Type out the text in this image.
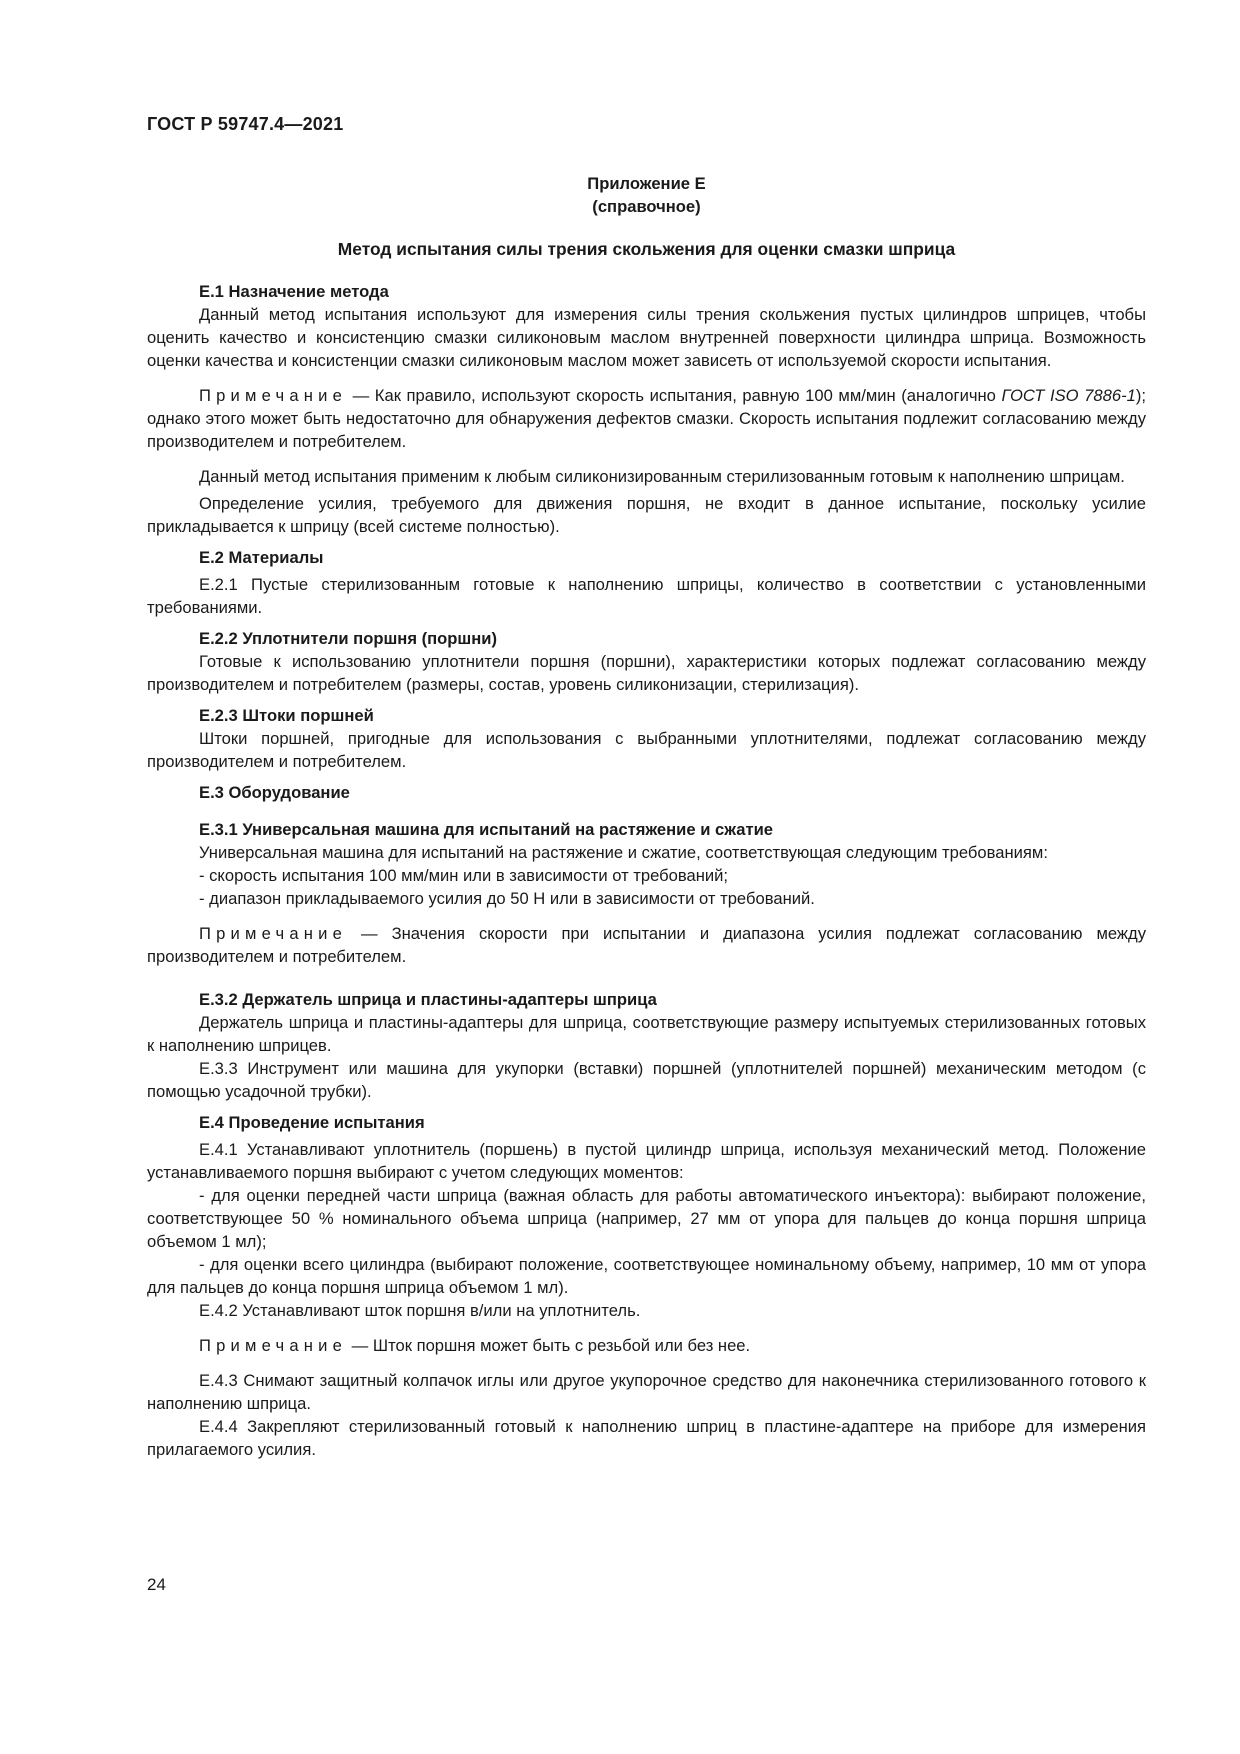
ГОСТ Р 59747.4—2021
Приложение Е
(справочное)
Метод испытания силы трения скольжения для оценки смазки шприца
Е.1 Назначение метода

Данный метод испытания используют для измерения силы трения скольжения пустых цилиндров шприцев, чтобы оценить качество и консистенцию смазки силиконовым маслом внутренней поверхности цилиндра шприца. Возможность оценки качества и консистенции смазки силиконовым маслом может зависеть от используемой скорости испытания.

Примечание — Как правило, используют скорость испытания, равную 100 мм/мин (аналогично ГОСТ ISO 7886-1); однако этого может быть недостаточно для обнаружения дефектов смазки. Скорость испытания подлежит согласованию между производителем и потребителем.

Данный метод испытания применим к любым силиконизированным стерилизованным готовым к наполнению шприцам.

Определение усилия, требуемого для движения поршня, не входит в данное испытание, поскольку усилие прикладывается к шприцу (всей системе полностью).

Е.2 Материалы

Е.2.1 Пустые стерилизованным готовые к наполнению шприцы, количество в соответствии с установленными требованиями.

Е.2.2 Уплотнители поршня (поршни)

Готовые к использованию уплотнители поршня (поршни), характеристики которых подлежат согласованию между производителем и потребителем (размеры, состав, уровень силиконизации, стерилизация).

Е.2.3 Штоки поршней

Штоки поршней, пригодные для использования с выбранными уплотнителями, подлежат согласованию между производителем и потребителем.

Е.3 Оборудование
Е.3.1 Универсальная машина для испытаний на растяжение и сжатие

Универсальная машина для испытаний на растяжение и сжатие, соответствующая следующим требованиям:

- скорость испытания 100 мм/мин или в зависимости от требований;

- диапазон прикладываемого усилия до 50 Н или в зависимости от требований.

Примечание — Значения скорости при испытании и диапазона усилия подлежат согласованию между производителем и потребителем.

Е.3.2 Держатель шприца и пластины-адаптеры шприца

Держатель шприца и пластины-адаптеры для шприца, соответствующие размеру испытуемых стерилизованных готовых к наполнению шприцев.

Е.3.3 Инструмент или машина для укупорки (вставки) поршней (уплотнителей поршней) механическим методом (с помощью усадочной трубки).

Е.4 Проведение испытания

Е.4.1 Устанавливают уплотнитель (поршень) в пустой цилиндр шприца, используя механический метод. Положение устанавливаемого поршня выбирают с учетом следующих моментов:

- для оценки передней части шприца (важная область для работы автоматического инъектора): выбирают положение, соответствующее 50 % номинального объема шприца (например, 27 мм от упора для пальцев до конца поршня шприца объемом 1 мл);

- для оценки всего цилиндра (выбирают положение, соответствующее номинальному объему, например, 10 мм от упора для пальцев до конца поршня шприца объемом 1 мл).

Е.4.2 Устанавливают шток поршня в/или на уплотнитель.

Примечание — Шток поршня может быть с резьбой или без нее.

Е.4.3 Снимают защитный колпачок иглы или другое укупорочное средство для наконечника стерилизованного готового к наполнению шприца.

Е.4.4 Закрепляют стерилизованный готовый к наполнению шприц в пластине-адаптере на приборе для измерения прилагаемого усилия.

24
